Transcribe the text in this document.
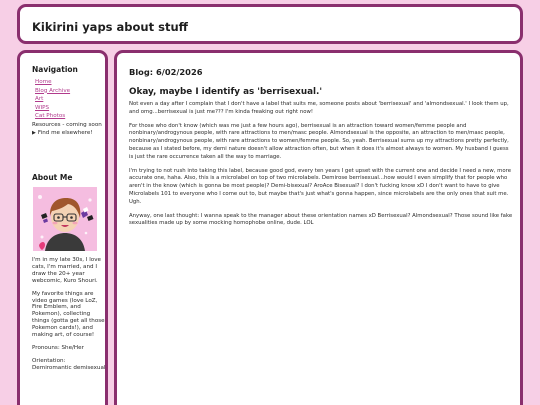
Kikirini yaps about stuff
Navigation
Home
Blog Archive
Art
WIPS
Cat Photos
Resources - coming soon
▶ Find me elsewhere!
About Me

I'm in my late 30s, I love cats, I'm married, and I draw the 20+ year webcomic, Kuro Shouri.

My favorite things are video games (love LoZ, Fire Emblem, and Pokemon), collecting things (gotta get all those Pokemon cards!), and making art, of course!

Pronouns: She/Her

Orientation: Demiromantic demisexual

Blog: 6/02/2026
Okay, maybe I identify as 'berrisexual.'

Not even a day after I complain that I don't have a label that suits me, someone posts about 'berrisexual' and 'almondsexual.' I look them up, and omg...berrisexual is just me??? I'm kinda freaking out right now!

For those who don't know (which was me just a few hours ago), berrisexual is an attraction toward women/femme people and nonbinary/androgynous people, with rare attractions to men/masc people. Almondsexual is the opposite, an attraction to men/masc people, nonbinary/androgynous people, with rare attractions to women/femme people. So, yeah. Berrisexual sums up my attractions pretty perfectly, because as I stated before, my demi nature doesn't allow attraction often, but when it does it's almost always to women. My husband I guess is just the rare occurrence taken all the way to marriage.

I'm trying to not rush into taking this label, because good god, every ten years I get upset with the current one and decide I need a new, more accurate one, haha. Also, this is a microlabel on top of two microlabels. Demirose berrisexual...how would I even simplify that for people who aren't in the know (which is gonna be most people)? Demi-bisexual? AroAce Bisexual? I don't fucking know xD I don't want to have to give Microlabels 101 to everyone who I come out to, but maybe that's just what's gonna happen, since microlabels are the only ones that suit me. Ugh.

Anyway, one last thought: I wanna speak to the manager about these orientation names xD Berrisexual? Almondsexual? Those sound like fake sexualities made up by some mocking homophobe online, dude. LOL
